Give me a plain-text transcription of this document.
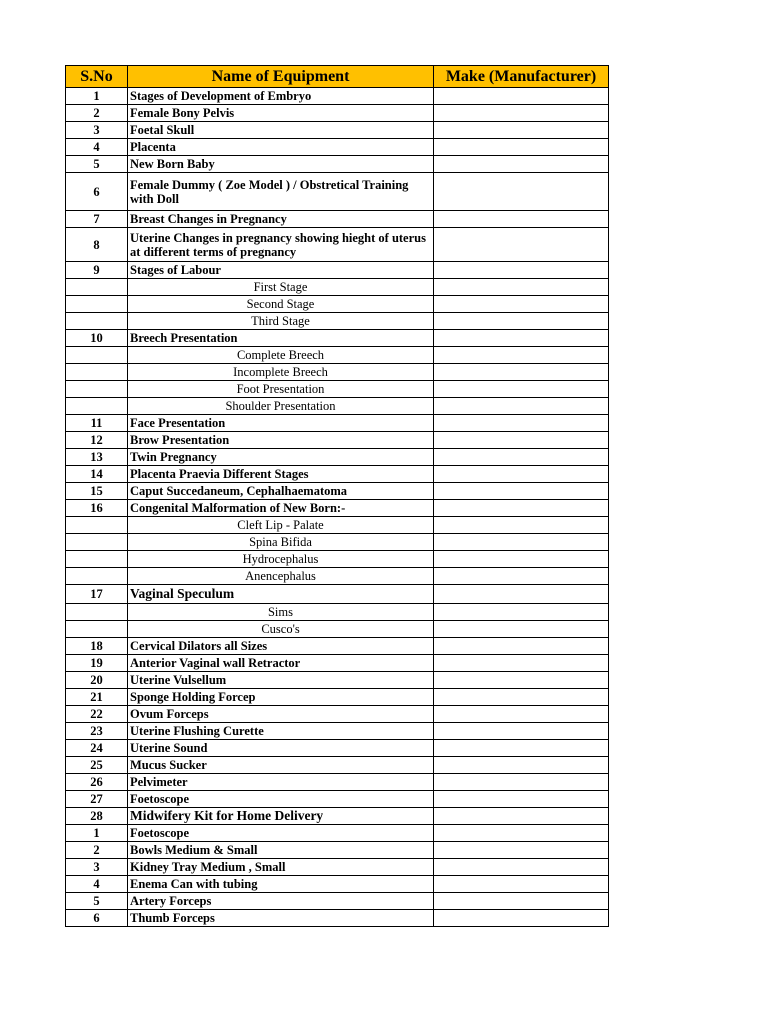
S.No	Name of Equipment	Make (Manufacturer)
1	Stages of Development of Embryo	
2	Female Bony Pelvis	
3	Foetal Skull	
4	Placenta	
5	New Born Baby	
6	Female Dummy ( Zoe Model ) / Obstretical Training with Doll	
7	Breast Changes in Pregnancy	
8	Uterine Changes in pregnancy showing hieght of uterus at different terms of pregnancy	
9	Stages of Labour	
	First Stage	
	Second Stage	
	Third Stage	
10	Breech Presentation	
	Complete Breech	
	Incomplete Breech	
	Foot Presentation	
	Shoulder Presentation	
11	Face Presentation	
12	Brow Presentation	
13	Twin Pregnancy	
14	Placenta Praevia Different Stages	
15	Caput Succedaneum, Cephalhaematoma	
16	Congenital Malformation of New Born:-	
	Cleft Lip - Palate	
	Spina Bifida	
	Hydrocephalus	
	Anencephalus	
17	Vaginal Speculum	
	Sims	
	Cusco's	
18	Cervical Dilators all Sizes	
19	Anterior Vaginal wall Retractor	
20	Uterine Vulsellum	
21	Sponge Holding Forcep	
22	Ovum Forceps	
23	Uterine Flushing Curette	
24	Uterine Sound	
25	Mucus Sucker	
26	Pelvimeter	
27	Foetoscope	
28	Midwifery Kit for Home Delivery	
1	Foetoscope	
2	Bowls Medium & Small	
3	Kidney Tray Medium , Small	
4	Enema Can with tubing	
5	Artery Forceps	
6	Thumb Forceps	
